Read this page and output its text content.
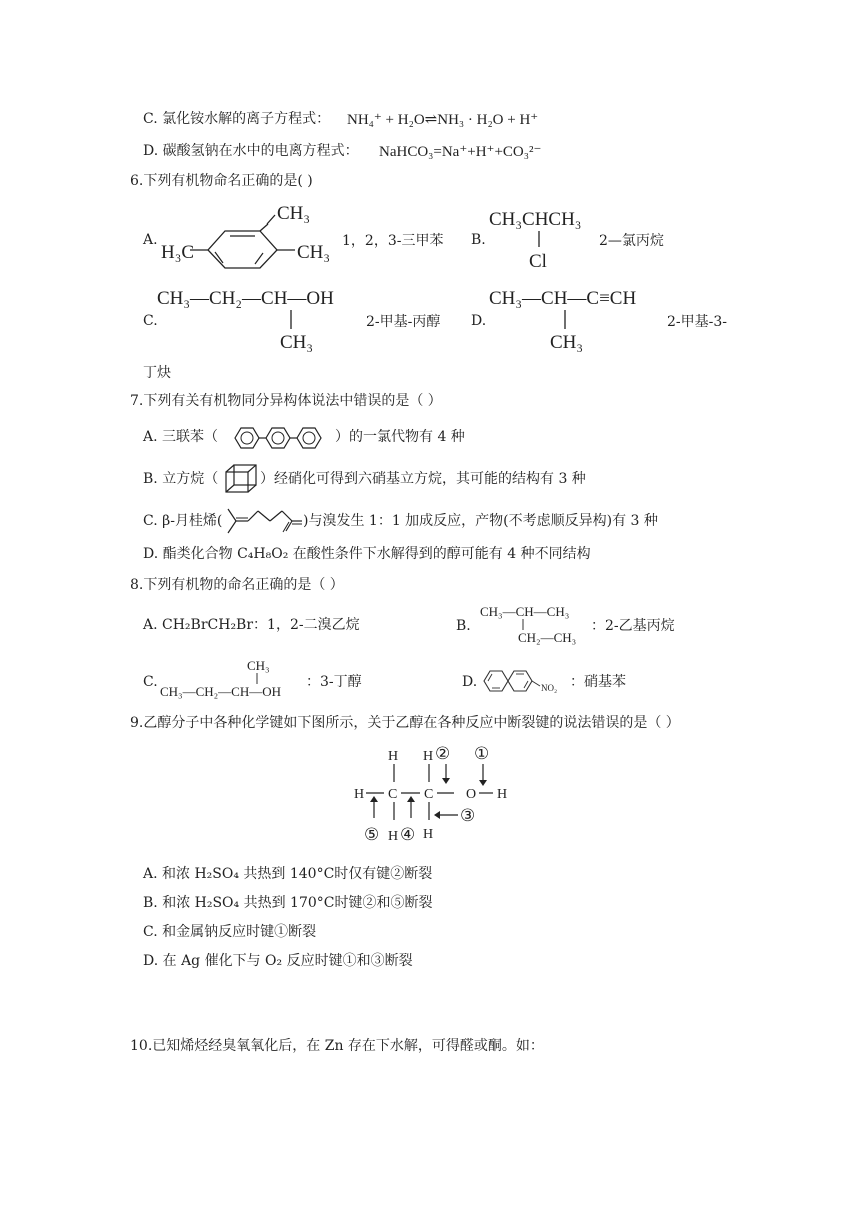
C. 氯化铵水解的离子方程式： NH₄⁺ + H₂O⇌NH₃ · H₂O + H⁺
D. 碳酸氢钠在水中的电离方程式： NaHCO₃=Na⁺+H⁺+CO₃²⁻
6.下列有机物命名正确的是( )
A.
CH₃
H₃C	CH₃
1，2，3-三甲苯 B.
CH₃CHCH₃
Cl
2—氯丙烷
C.
CH₃—CH₂—CH—OH
CH₃
2-甲基-丙醇 D.
CH₃—CH—C≡CH
CH₃
2-甲基-3-
丁炔
7.下列有关有机物同分异构体说法中错误的是（ ）
A. 三联苯（	）的一氯代物有 4 种
B. 立方烷（	）经硝化可得到六硝基立方烷，其可能的结构有 3 种
C. β-月桂烯(	)与溴发生 1：1 加成反应，产物(不考虑顺反异构)有 3 种
D. 酯类化合物 C₄H₈O₂ 在酸性条件下水解得到的醇可能有 4 种不同结构
8.下列有机物的命名正确的是（ ）
A. CH₂BrCH₂Br：1，2-二溴乙烷	B.
CH₃—CH—CH₃
CH₂—CH₃
：2-乙基丙烷
C.
CH₃
CH₃—CH₂—CH—OH
：3-丁醇	D.	NO₂ ：硝基苯
9.乙醇分子中各种化学键如下图所示，关于乙醇在各种反应中断裂键的说法错误的是（ ）
H H ② ①
H C C O H
③
⑤ H ④ H
A. 和浓 H₂SO₄ 共热到 140°C时仅有键②断裂
B. 和浓 H₂SO₄ 共热到 170°C时键②和⑤断裂
C. 和金属钠反应时键①断裂
D. 在 Ag 催化下与 O₂ 反应时键①和③断裂
10.已知烯烃经臭氧氧化后，在 Zn 存在下水解，可得醛或酮。如：
